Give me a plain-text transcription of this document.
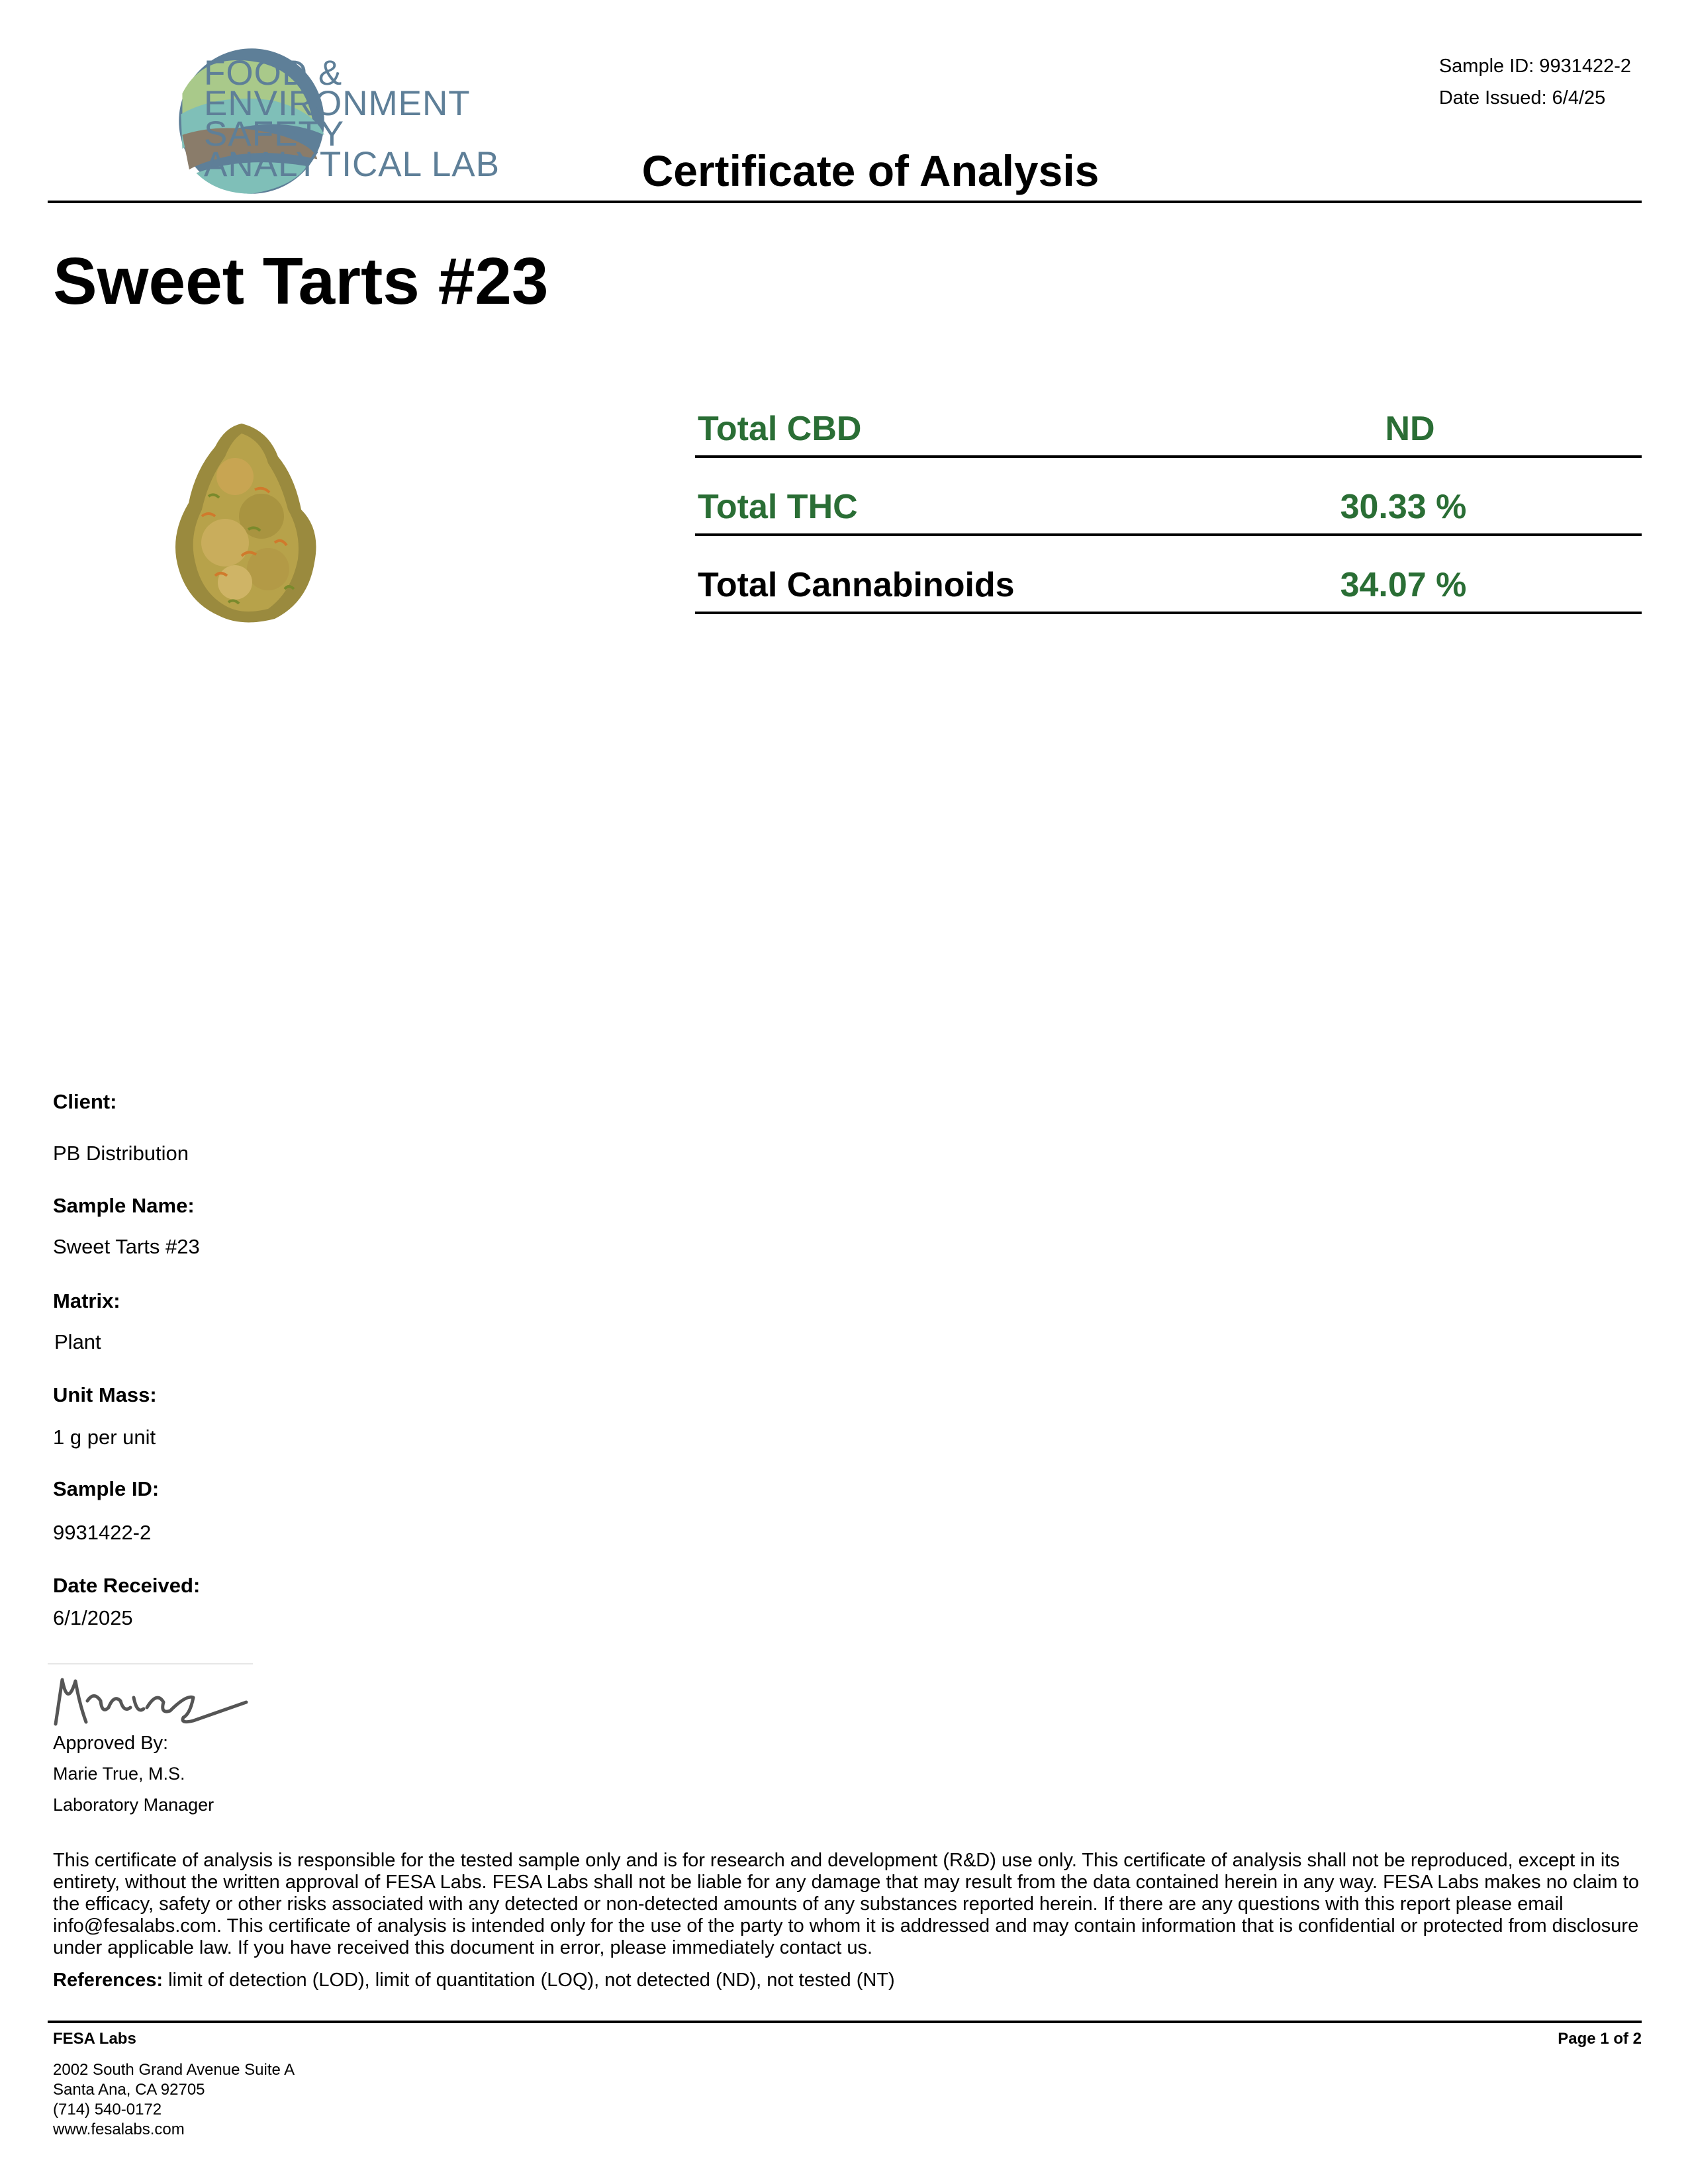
FOOD &
ENVIRONMENT
SAFETY
ANALYTICAL LAB
Sample ID: 9931422-2
Date Issued: 6/4/25
Certificate of Analysis
Sweet Tarts #23
Total CBD	ND
Total THC	30.33 %
Total Cannabinoids	34.07 %
Client:
PB Distribution
Sample Name:
Sweet Tarts #23
Matrix:
Plant
Unit Mass:
1 g per unit
Sample ID:
9931422-2
Date Received:
6/1/2025
Approved By:
Marie True, M.S.
Laboratory Manager
This certificate of analysis is responsible for the tested sample only and is for research and development (R&D) use only. This certificate of analysis shall not be reproduced, except in its entirety, without the written approval of FESA Labs. FESA Labs shall not be liable for any damage that may result from the data contained herein in any way. FESA Labs makes no claim to the efficacy, safety or other risks associated with any detected or non-detected amounts of any substances reported herein. If there are any questions with this report please email info@fesalabs.com. This certificate of analysis is intended only for the use of the party to whom it is addressed and may contain information that is confidential or protected from disclosure under applicable law. If you have received this document in error, please immediately contact us.
References: limit of detection (LOD), limit of quantitation (LOQ), not detected (ND), not tested (NT)
FESA Labs	Page 1 of 2
2002 South Grand Avenue Suite A
Santa Ana, CA 92705
(714) 540-0172
www.fesalabs.com
